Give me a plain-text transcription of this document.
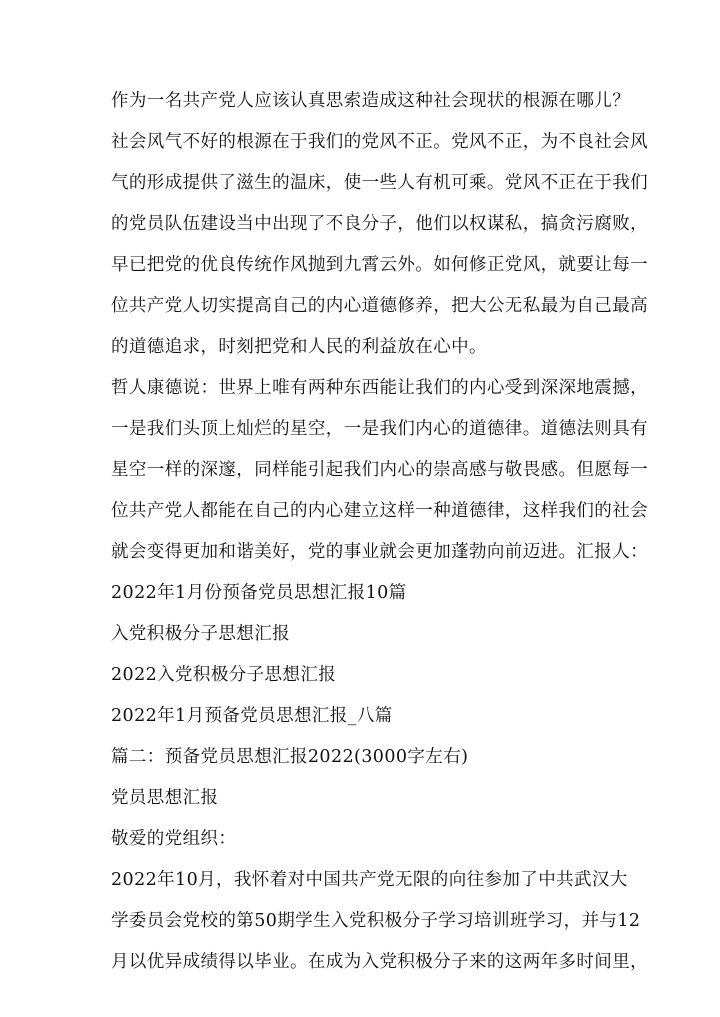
作为一名共产党人应该认真思索造成这种社会现状的根源在哪儿？
社会风气不好的根源在于我们的党风不正。党风不正，为不良社会风
气的形成提供了滋生的温床，使一些人有机可乘。党风不正在于我们
的党员队伍建设当中出现了不良分子，他们以权谋私，搞贪污腐败，
早已把党的优良传统作风抛到九霄云外。如何修正党风，就要让每一
位共产党人切实提高自己的内心道德修养，把大公无私最为自己最高
的道德追求，时刻把党和人民的利益放在心中。
哲人康德说：世界上唯有两种东西能让我们的内心受到深深地震撼，
一是我们头顶上灿烂的星空，一是我们内心的道德律。道德法则具有
星空一样的深邃，同样能引起我们内心的崇高感与敬畏感。但愿每一
位共产党人都能在自己的内心建立这样一种道德律，这样我们的社会
就会变得更加和谐美好，党的事业就会更加蓬勃向前迈进。汇报人：
2022年1月份预备党员思想汇报10篇
入党积极分子思想汇报
2022入党积极分子思想汇报
2022年1月预备党员思想汇报_八篇
篇二：预备党员思想汇报2022(3000字左右)
党员思想汇报
敬爱的党组织：
2022年10月，我怀着对中国共产党无限的向往参加了中共武汉大
学委员会党校的第50期学生入党积极分子学习培训班学习，并与12
月以优异成绩得以毕业。在成为入党积极分子来的这两年多时间里，
